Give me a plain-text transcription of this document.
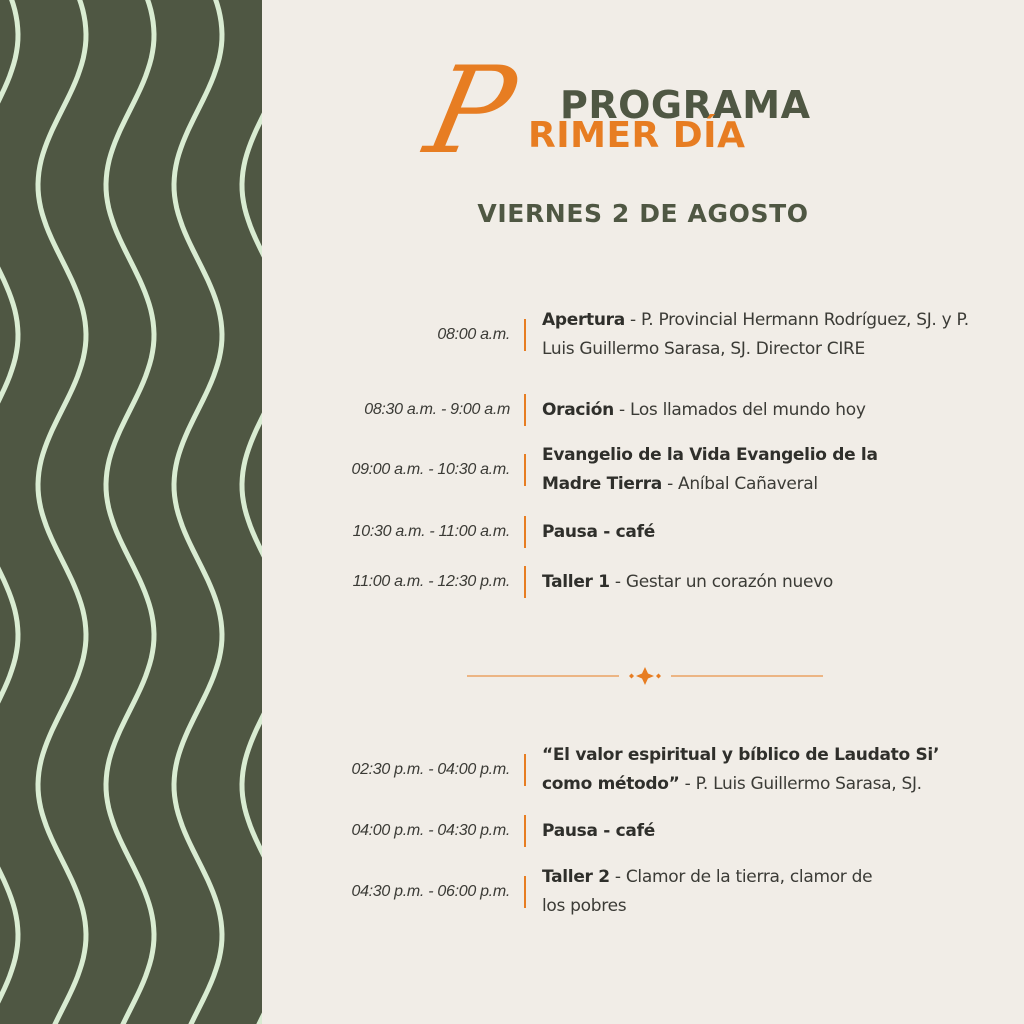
P PROGRAMA
RIMER DÍA
VIERNES 2 DE AGOSTO
08:00 a.m.
Apertura - P. Provincial Hermann Rodríguez, SJ. y P. Luis Guillermo Sarasa, SJ. Director CIRE
08:30 a.m. - 9:00 a.m Oración - Los llamados del mundo hoy
09:00 a.m. - 10:30 a.m.
Evangelio de la Vida Evangelio de la Madre Tierra - Aníbal Cañaveral
10:30 a.m. - 11:00 a.m. Pausa - café
11:00 a.m. - 12:30 p.m. Taller 1 - Gestar un corazón nuevo
02:30 p.m. - 04:00 p.m.
“El valor espiritual y bíblico de Laudato Si’ como método” - P. Luis Guillermo Sarasa, SJ.
04:00 p.m. - 04:30 p.m. Pausa - café
04:30 p.m. - 06:00 p.m.
Taller 2 - Clamor de la tierra, clamor de los pobres
